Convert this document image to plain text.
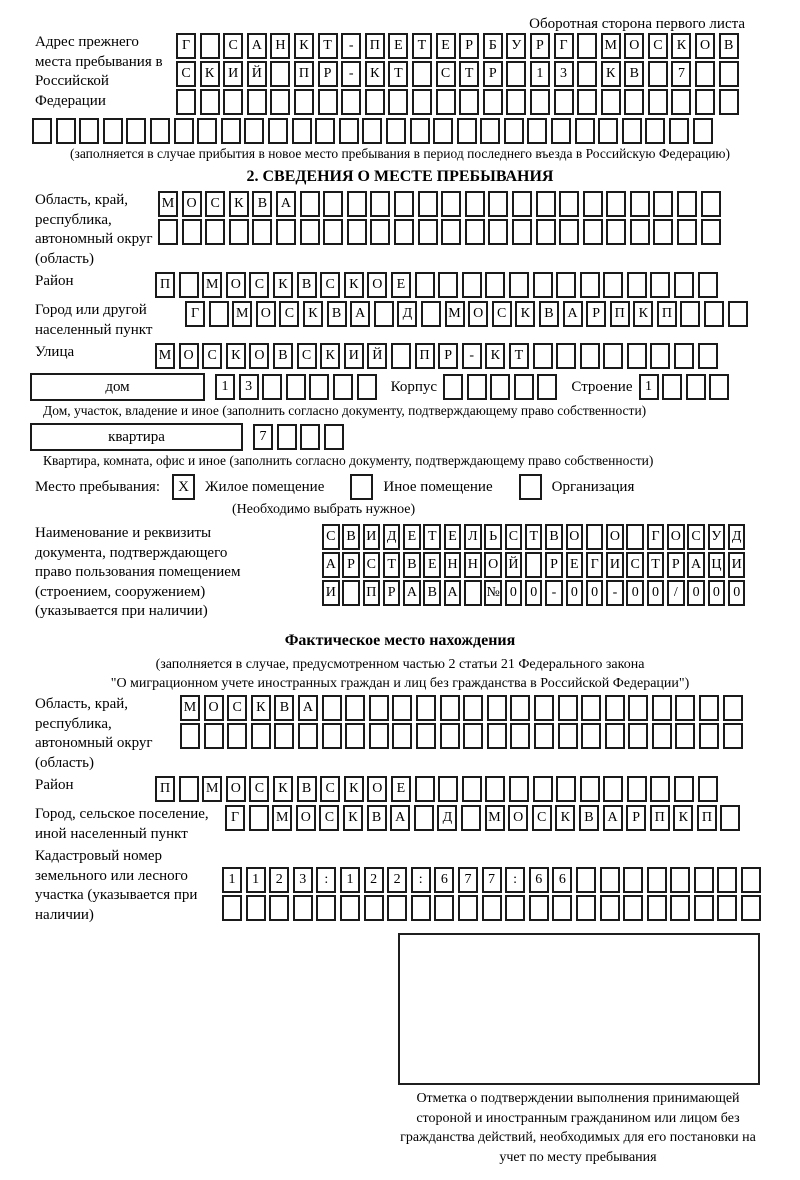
Оборотная сторона первого листа
Адрес прежнего места пребывания в Российской Федерации
Г	С А Н К	Т	-	П	Е	Т	Е	Р	Б	У	Р	Г	М О С	К О В
С	К И Й	П	Р	-	К	Т	С	Т	Р	1	3	К	В	7
(заполняется в случае прибытия в новое место пребывания в период последнего въезда в Российскую Федерацию)
2. СВЕДЕНИЯ О МЕСТЕ ПРЕБЫВАНИЯ
Область, край, республика, автономный округ (область)
М О С	К	В А
Район	П	М О С	К	В	С	К О	Е
Город или другой населенный пункт
Г	М О С	К	В А	Д	М О С	К	В А	Р	П К П
Улица	М О С	К О В	С	К И Й	П	Р	-	К	Т
дом	1	3	Корпус	Строение 1
Дом, участок, владение и иное (заполнить согласно документу, подтверждающему право собственности)
квартира	7
Квартира, комната, офис и иное (заполнить согласно документу, подтверждающему право собственности)
Место пребывания:	X	Жилое помещение	Иное помещение	Организация
(Необходимо выбрать нужное)
Наименование и реквизиты документа, подтверждающего право пользования помещением (строением, сооружением) (указывается при наличии)
С В И Д Е Т Е Л Ь С Т В О О	Г О С У Д
А Р С Т В Е Н Н О Й	Р Е Г И С Т Р А Ц И
И П Р А В А № 0 0	-	0 0	-	0 0	/	0 0 0
Фактическое место нахождения
(заполняется в случае, предусмотренном частью 2 статьи 21 Федерального закона
"О миграционном учете иностранных граждан и лиц без гражданства в Российской Федерации")
Область, край, республика, автономный округ (область)
М О С	К	В А
Район	П	М О С	К	В	С	К О	Е
Город, сельское поселение, иной населенный пункт
Г	М О С	К	В А	Д	М О С	К	В А	Р	П К П
Кадастровый номер земельного или лесного участка (указывается при наличии)
1	1	2	3	:	1	2	2	:	6	7	7	:	6	6
Отметка о подтверждении выполнения принимающей стороной и иностранным гражданином или лицом без гражданства действий, необходимых для его постановки на учет по месту пребывания
